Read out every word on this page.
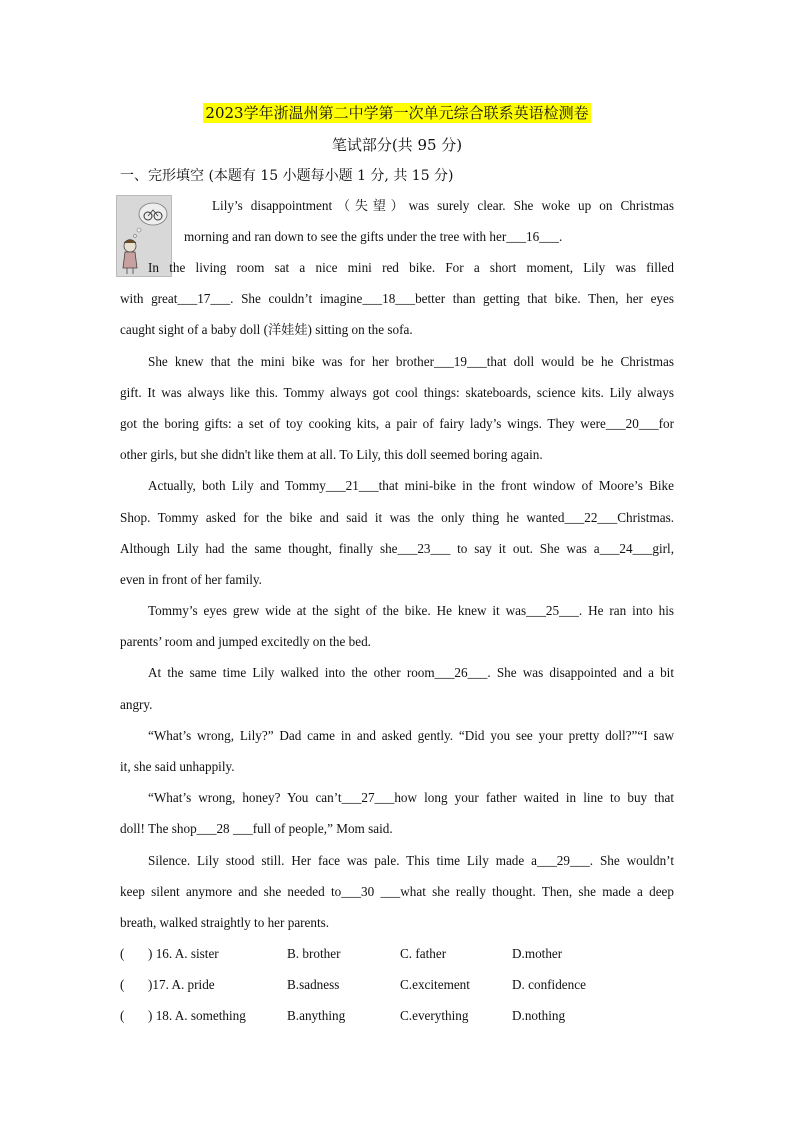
2023学年浙温州第二中学第一次单元综合联系英语检测卷
笔试部分(共 95 分)
一、完形填空 (本题有 15 小题每小题 1 分, 共 15 分)
Lily’s disappointment（失望）was surely clear. She woke up on Christmas
morning and ran down to see the gifts under the tree with her___16___.
In the living room sat a nice mini red bike. For a short moment, Lily was filled
with great___17___. She couldn’t imagine___18___better than getting that bike. Then, her eyes
caught sight of a baby doll (洋娃娃) sitting on the sofa.
She knew that the mini bike was for her brother___19___that doll would be he Christmas
gift. It was always like this. Tommy always got cool things: skateboards, science kits. Lily always
got the boring gifts: a set of toy cooking kits, a pair of fairy lady’s wings. They were___20___for
other girls, but she didn't like them at all. To Lily, this doll seemed boring again.
Actually, both Lily and Tommy___21___that mini-bike in the front window of Moore’s Bike
Shop. Tommy asked for the bike and said it was the only thing he wanted___22___Christmas.
Although Lily had the same thought, finally she___23___ to say it out. She was a___24___girl,
even in front of her family.
Tommy’s eyes grew wide at the sight of the bike. He knew it was___25___. He ran into his
parents’ room and jumped excitedly on the bed.
At the same time Lily walked into the other room___26___. She was disappointed and a bit
angry.
“What’s wrong, Lily?” Dad came in and asked gently. “Did you see your pretty doll?”“I saw
it, she said unhappily.
“What’s wrong, honey? You can’t___27___how long your father waited in line to buy that
doll! The shop___28 ___full of people,” Mom said.
Silence. Lily stood still. Her face was pale. This time Lily made a___29___. She wouldn’t
keep silent anymore and she needed to___30 ___what she really thought. Then, she made a deep
breath, walked straightly to her parents.
( ) 16. A. sister	B. brother	C. father	D.mother
( )17. A. pride	B.sadness	C.excitement	D. confidence
( ) 18. A. something	B.anything	C.everything	D.nothing
